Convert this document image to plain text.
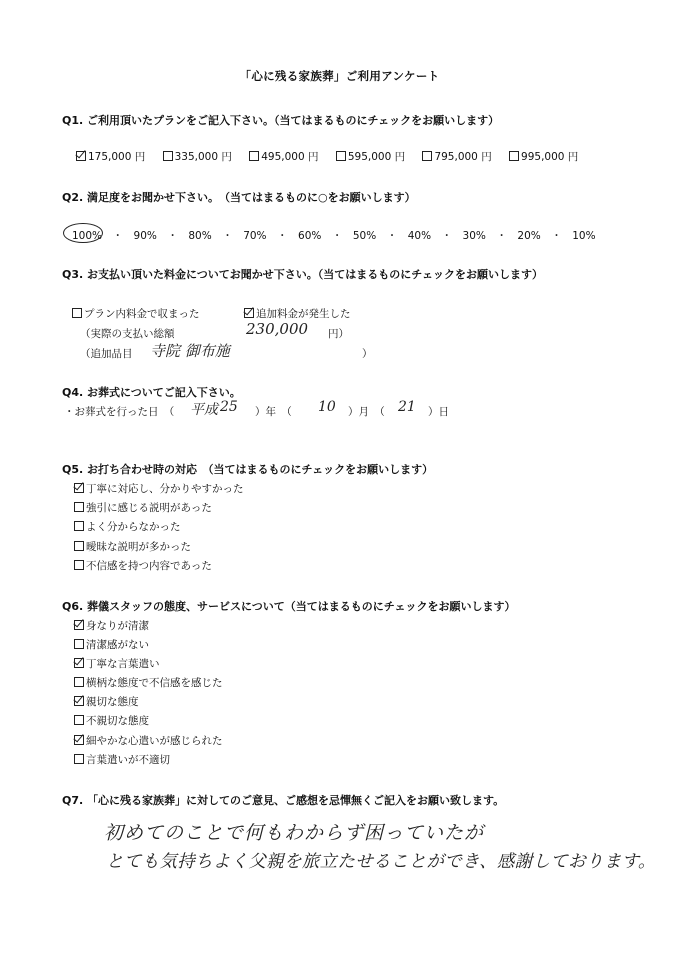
「心に残る家族葬」ご利用アンケート
Q1. ご利用頂いたプランをご記入下さい。（当てはまるものにチェックをお願いします）
175,000 円	335,000 円	495,000 円	595,000 円	795,000 円	995,000 円
Q2. 満足度をお聞かせ下さい。　（当てはまるものに○をお願いします）
100%　・　90%　・　80%　・　70%　・　60%　・　50%　・　40%　・　30%　・　20%　・　10%
Q3. お支払い頂いた料金についてお聞かせ下さい。（当てはまるものにチェックをお願いします）
プラン内料金で収まった	追加料金が発生した
（実際の支払い総額	230,000 円）
（追加品目 寺院 御布施	）
Q4. お葬式についてご記入下さい。
・お葬式を行った日　（ 平成 25 ）年　（ 10 ）月　（ 21 ）日
Q5. お打ち合わせ時の対応　（当てはまるものにチェックをお願いします）
丁寧に対応し、分かりやすかった
強引に感じる説明があった
よく分からなかった
曖昧な説明が多かった
不信感を持つ内容であった
Q6. 葬儀スタッフの態度、サービスについて（当てはまるものにチェックをお願いします）
身なりが清潔
清潔感がない
丁寧な言葉遣い
横柄な態度で不信感を感じた
親切な態度
不親切な態度
細やかな心遣いが感じられた
言葉遣いが不適切
Q7. 「心に残る家族葬」に対してのご意見、ご感想を忌憚無くご記入をお願い致します。
初めてのことで何もわからず困っていたが
とても気持ちよく父親を旅立たせることができ、感謝しております。
